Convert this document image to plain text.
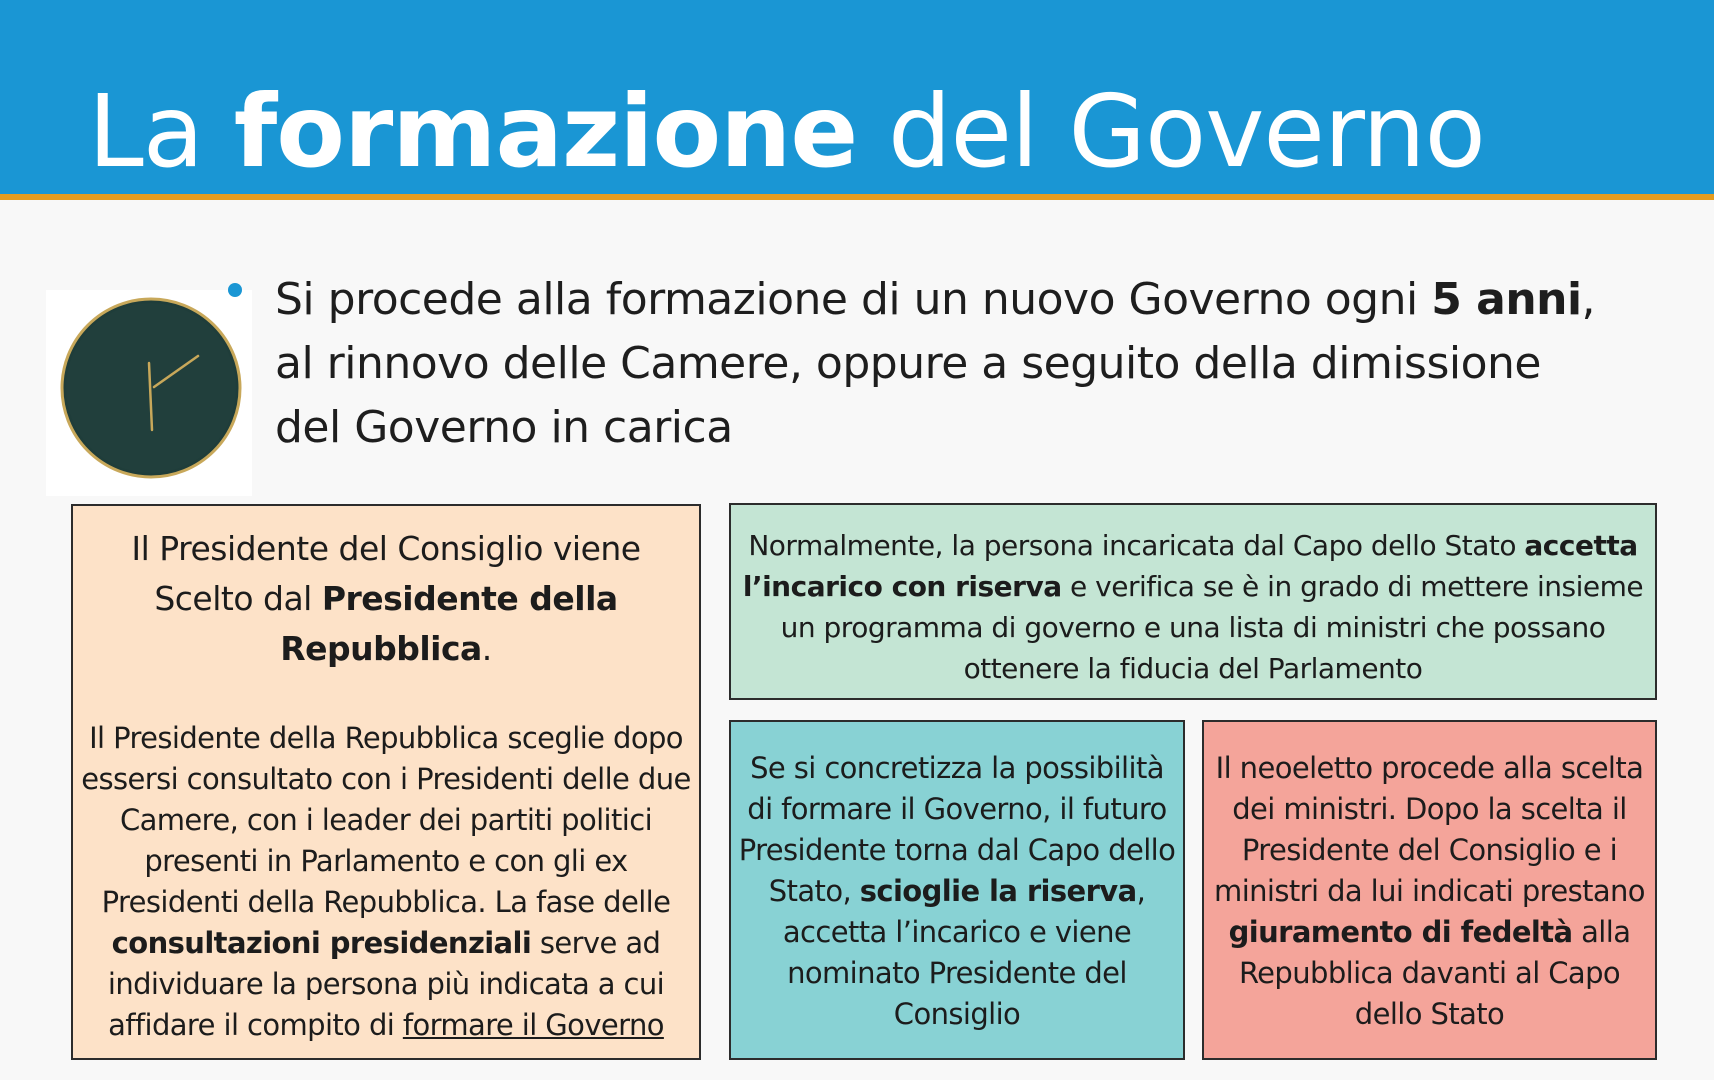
La formazione del Governo
Si procede alla formazione di un nuovo Governo ogni 5 anni, al rinnovo delle Camere, oppure a seguito della dimissione del Governo in carica
Il Presidente del Consiglio viene Scelto dal Presidente della Repubblica.
Il Presidente della Repubblica sceglie dopo essersi consultato con i Presidenti delle due Camere, con i leader dei partiti politici presenti in Parlamento e con gli ex Presidenti della Repubblica. La fase delle consultazioni presidenziali serve ad individuare la persona più indicata a cui affidare il compito di formare il Governo
Normalmente, la persona incaricata dal Capo dello Stato accetta l’incarico con riserva e verifica se è in grado di mettere insieme un programma di governo e una lista di ministri che possano ottenere la fiducia del Parlamento
Se si concretizza la possibilità di formare il Governo, il futuro Presidente torna dal Capo dello Stato, scioglie la riserva, accetta l’incarico e viene nominato Presidente del Consiglio
Il neoeletto procede alla scelta dei ministri. Dopo la scelta il Presidente del Consiglio e i ministri da lui indicati prestano giuramento di fedeltà alla Repubblica davanti al Capo dello Stato
